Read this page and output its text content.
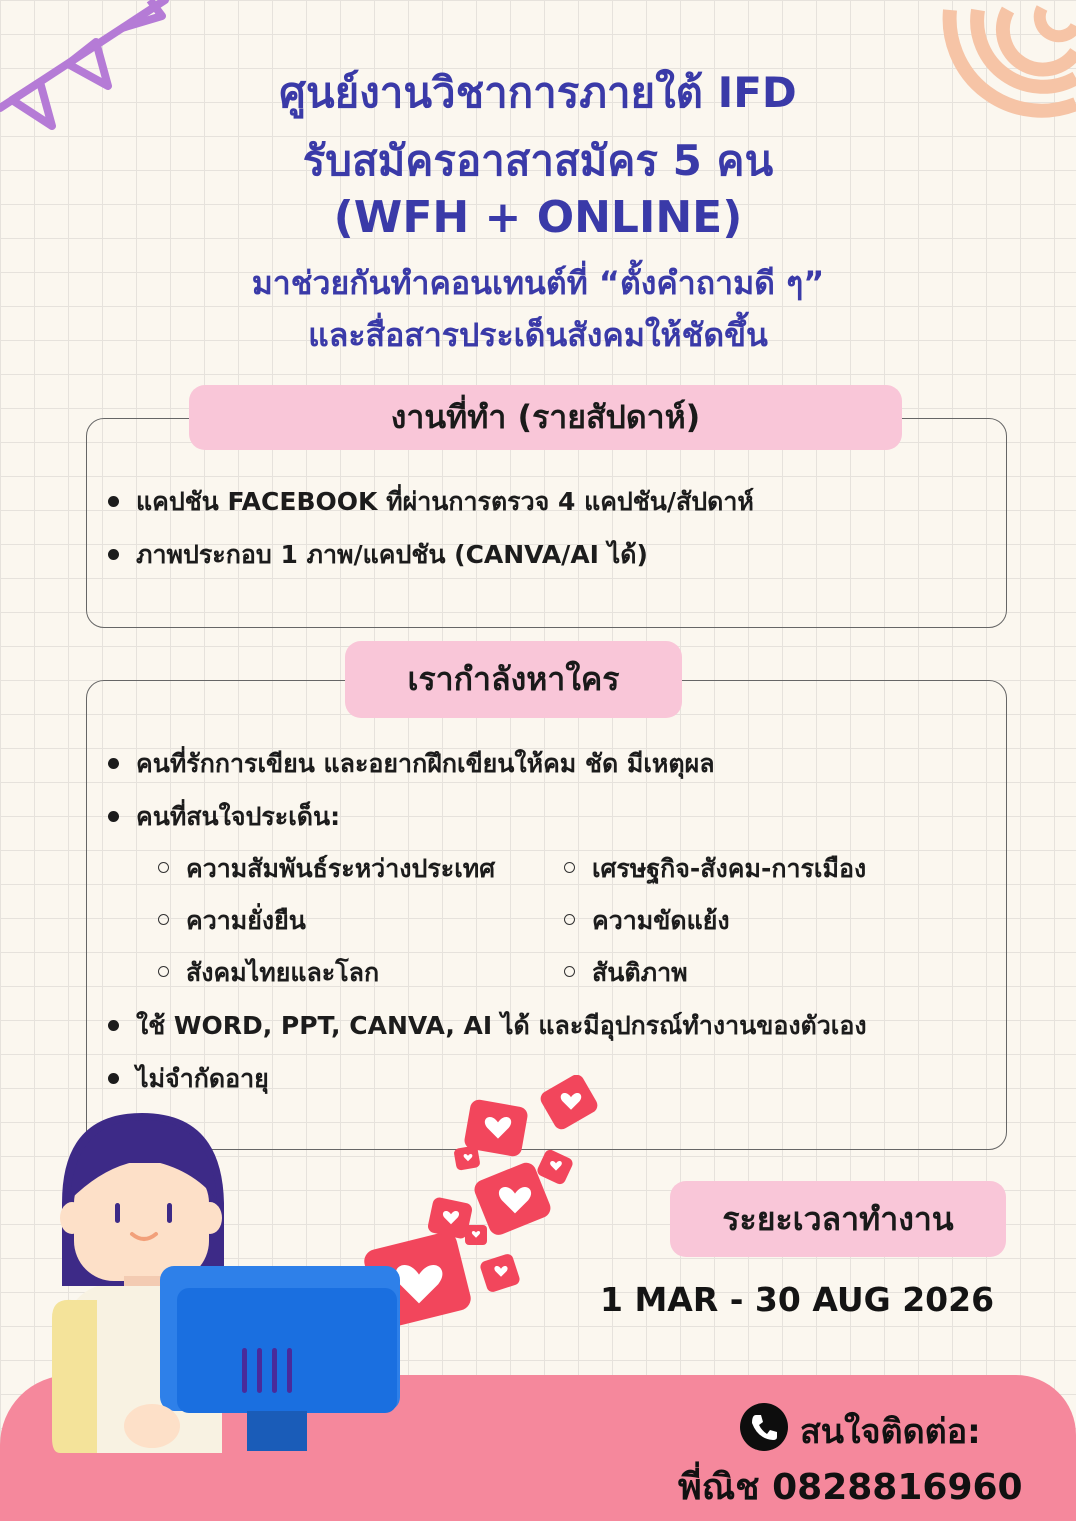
ศูนย์งานวิชาการภายใต้ IFD
รับสมัครอาสาสมัคร 5 คน
(WFH + ONLINE)
มาช่วยกันทำคอนเทนต์ที่ “ตั้งคำถามดี ๆ”
และสื่อสารประเด็นสังคมให้ชัดขึ้น
งานที่ทำ (รายสัปดาห์)
แคปชัน FACEBOOK ที่ผ่านการตรวจ 4 แคปชัน/สัปดาห์
ภาพประกอบ 1 ภาพ/แคปชัน (CANVA/AI ได้)
เรากำลังหาใคร
คนที่รักการเขียน และอยากฝึกเขียนให้คม ชัด มีเหตุผล
คนที่สนใจประเด็น:
ความสัมพันธ์ระหว่างประเทศ
ความยั่งยืน
สังคมไทยและโลก
เศรษฐกิจ-สังคม-การเมือง
ความขัดแย้ง
สันติภาพ
ใช้ WORD, PPT, CANVA, AI ได้ และมีอุปกรณ์ทำงานของตัวเอง
ไม่จำกัดอายุ
ระยะเวลาทำงาน
1 MAR - 30 AUG 2026
สนใจติดต่อ:
พี่ณิช 0828816960
